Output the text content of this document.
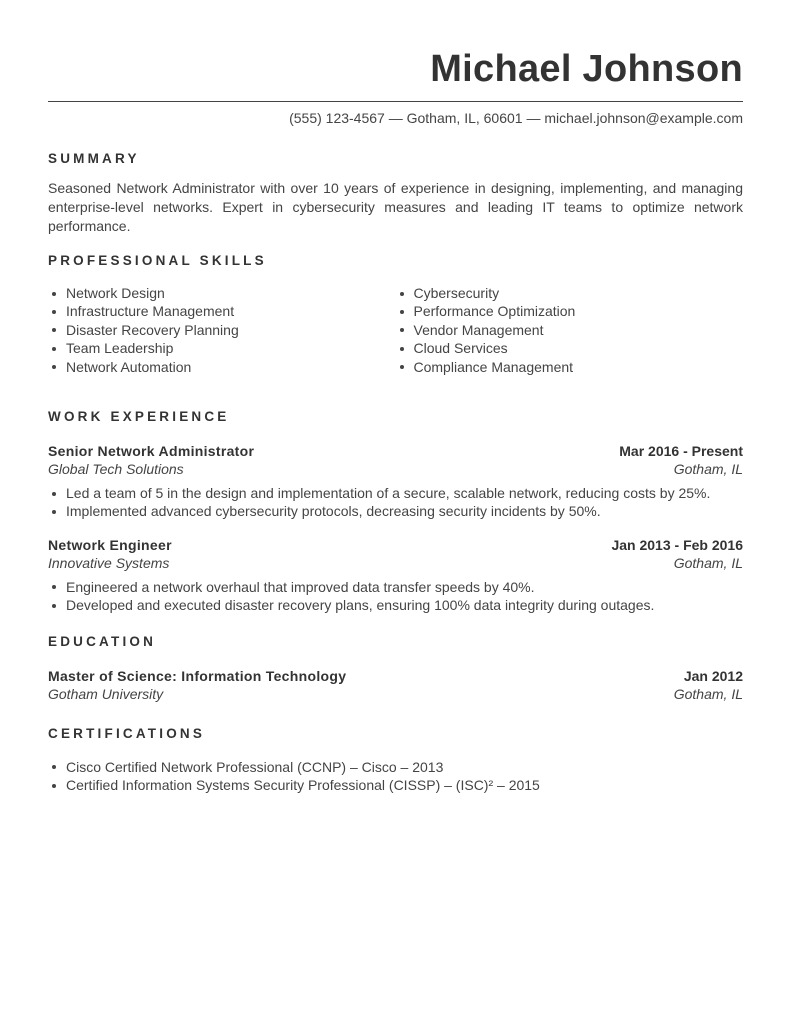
Michael Johnson
(555) 123-4567 — Gotham, IL, 60601 — michael.johnson@example.com
SUMMARY
Seasoned Network Administrator with over 10 years of experience in designing, implementing, and managing enterprise-level networks. Expert in cybersecurity measures and leading IT teams to optimize network performance.
PROFESSIONAL SKILLS
Network Design
Infrastructure Management
Disaster Recovery Planning
Team Leadership
Network Automation
Cybersecurity
Performance Optimization
Vendor Management
Cloud Services
Compliance Management
WORK EXPERIENCE
Senior Network Administrator	Mar 2016 - Present
Global Tech Solutions	Gotham, IL
Led a team of 5 in the design and implementation of a secure, scalable network, reducing costs by 25%.
Implemented advanced cybersecurity protocols, decreasing security incidents by 50%.
Network Engineer	Jan 2013 - Feb 2016
Innovative Systems	Gotham, IL
Engineered a network overhaul that improved data transfer speeds by 40%.
Developed and executed disaster recovery plans, ensuring 100% data integrity during outages.
EDUCATION
Master of Science: Information Technology	Jan 2012
Gotham University	Gotham, IL
CERTIFICATIONS
Cisco Certified Network Professional (CCNP) – Cisco – 2013
Certified Information Systems Security Professional (CISSP) – (ISC)² – 2015
